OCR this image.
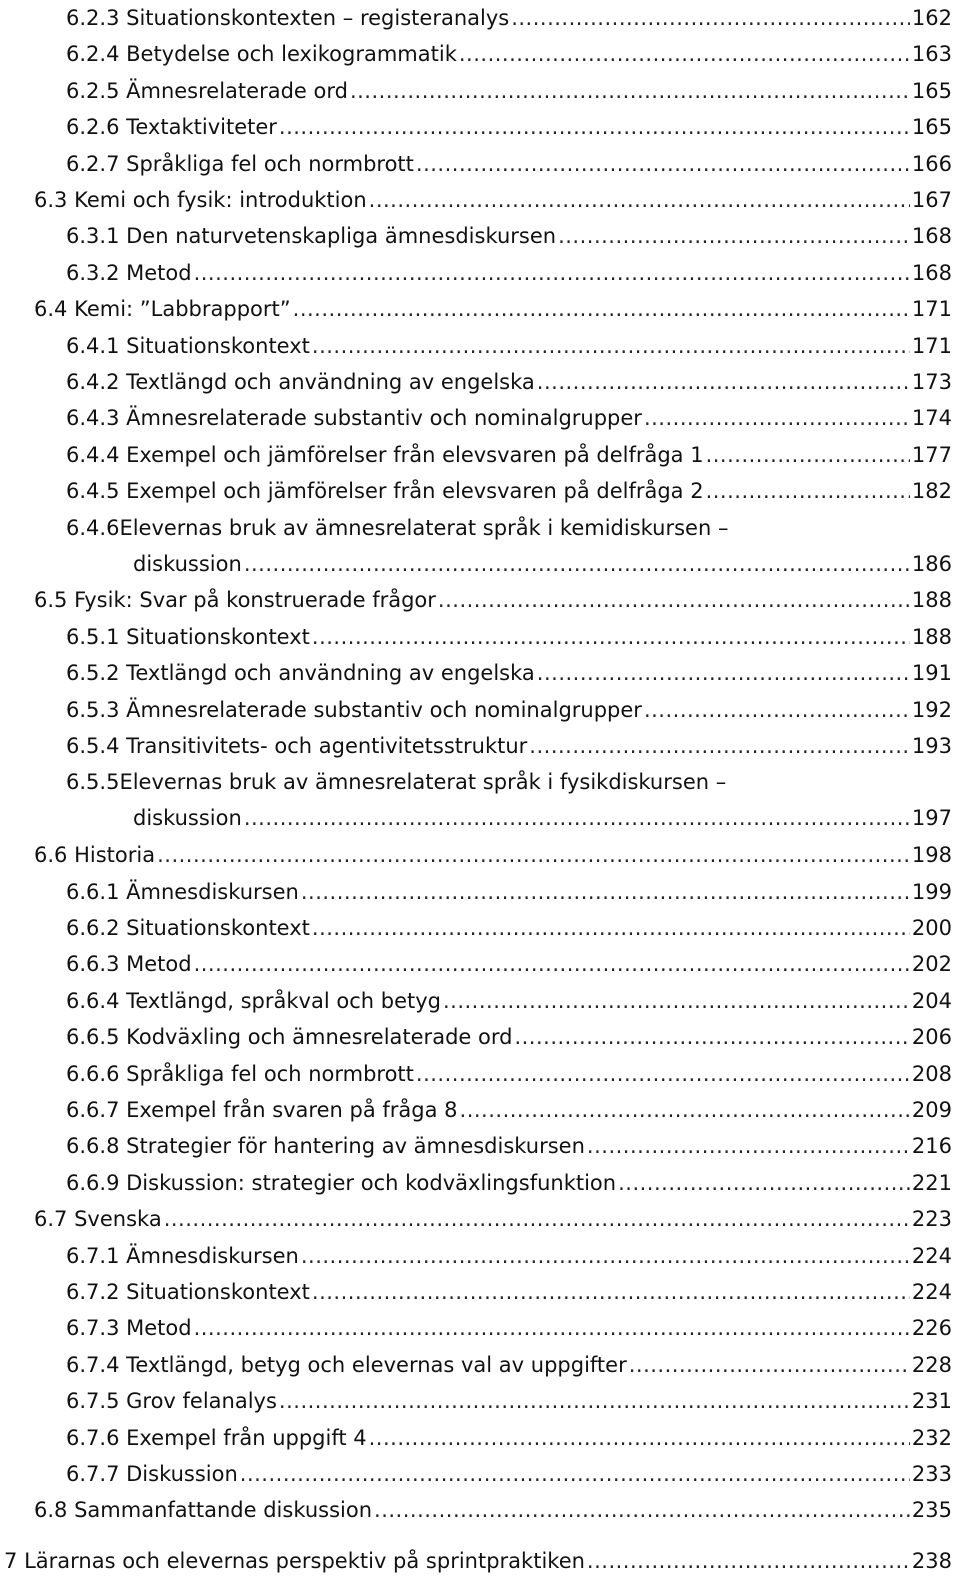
6.2.3 Situationskontexten – registeranalys .....	162
6.2.4 Betydelse och lexikogrammatik .....	163
6.2.5 Ämnesrelaterade ord .....	165
6.2.6 Textaktiviteter .....	165
6.2.7 Språkliga fel och normbrott .....	166
6.3 Kemi och fysik: introduktion .....	167
6.3.1 Den naturvetenskapliga ämnesdiskursen .....	168
6.3.2 Metod .....	168
6.4 Kemi: ”Labbrapport” .....	171
6.4.1 Situationskontext .....	171
6.4.2 Textlängd och användning av engelska .....	173
6.4.3 Ämnesrelaterade substantiv och nominalgrupper .....	174
6.4.4 Exempel och jämförelser från elevsvaren på delfråga 1 .....	177
6.4.5 Exempel och jämförelser från elevsvaren på delfråga 2 .....	182
6.4.6 Elevernas bruk av ämnesrelaterat språk i kemidiskursen –
diskussion .....	186
6.5 Fysik: Svar på konstruerade frågor .....	188
6.5.1 Situationskontext .....	188
6.5.2 Textlängd och användning av engelska .....	191
6.5.3 Ämnesrelaterade substantiv och nominalgrupper .....	192
6.5.4 Transitivitets- och agentivitetsstruktur .....	193
6.5.5 Elevernas bruk av ämnesrelaterat språk i fysikdiskursen –
diskussion .....	197
6.6 Historia .....	198
6.6.1 Ämnesdiskursen .....	199
6.6.2 Situationskontext .....	200
6.6.3 Metod .....	202
6.6.4 Textlängd, språkval och betyg .....	204
6.6.5 Kodväxling och ämnesrelaterade ord .....	206
6.6.6 Språkliga fel och normbrott .....	208
6.6.7 Exempel från svaren på fråga 8 .....	209
6.6.8 Strategier för hantering av ämnesdiskursen .....	216
6.6.9 Diskussion: strategier och kodväxlingsfunktion .....	221
6.7 Svenska .....	223
6.7.1 Ämnesdiskursen .....	224
6.7.2 Situationskontext .....	224
6.7.3 Metod .....	226
6.7.4 Textlängd, betyg och elevernas val av uppgifter .....	228
6.7.5 Grov felanalys .....	231
6.7.6 Exempel från uppgift 4 .....	232
6.7.7 Diskussion .....	233
6.8 Sammanfattande diskussion .....	235
7 Lärarnas och elevernas perspektiv på sprintpraktiken .....	238
